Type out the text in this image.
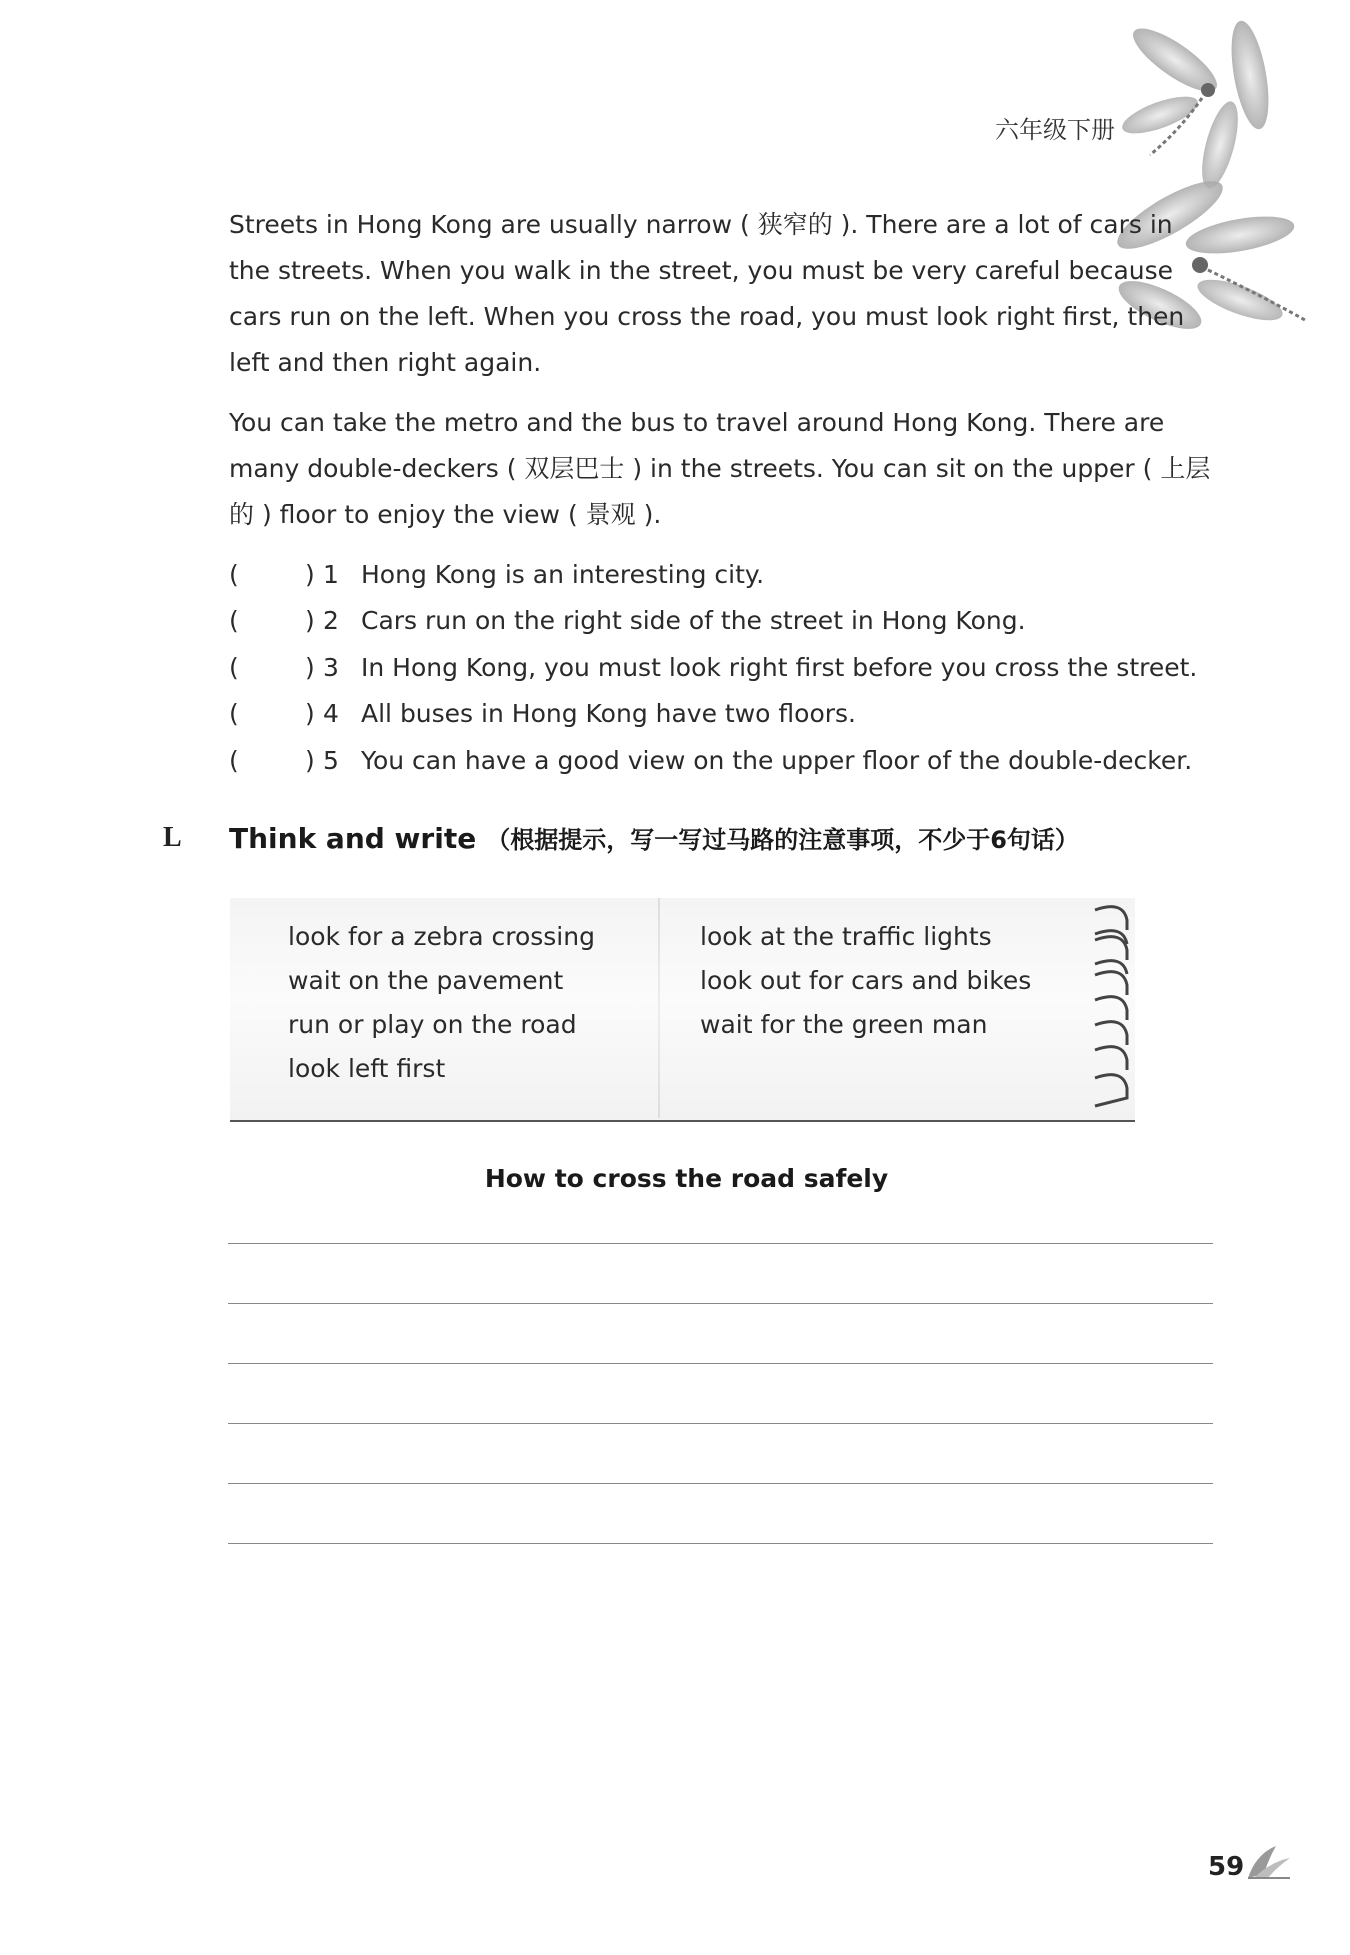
六年级下册

Streets in Hong Kong are usually narrow ( 狭窄的 ). There are a lot of cars in the streets. When you walk in the street, you must be very careful because cars run on the left. When you cross the road, you must look right first, then left and then right again.

You can take the metro and the bus to travel around Hong Kong. There are many double-deckers ( 双层巴士 ) in the streets. You can sit on the upper ( 上层的 ) floor to enjoy the view ( 景观 ).

(	) 1 Hong Kong is an interesting city.
(	) 2 Cars run on the right side of the street in Hong Kong.
(	) 3 In Hong Kong, you must look right first before you cross the street.
(	) 4 All buses in Hong Kong have two floors.
(	) 5 You can have a good view on the upper floor of the double-decker.
L Think and write （根据提示，写一写过马路的注意事项，不少于6句话）
look for a zebra crossing
wait on the pavement
run or play on the road
look left first
look at the traffic lights
look out for cars and bikes
wait for the green man
How to cross the road safely
59
